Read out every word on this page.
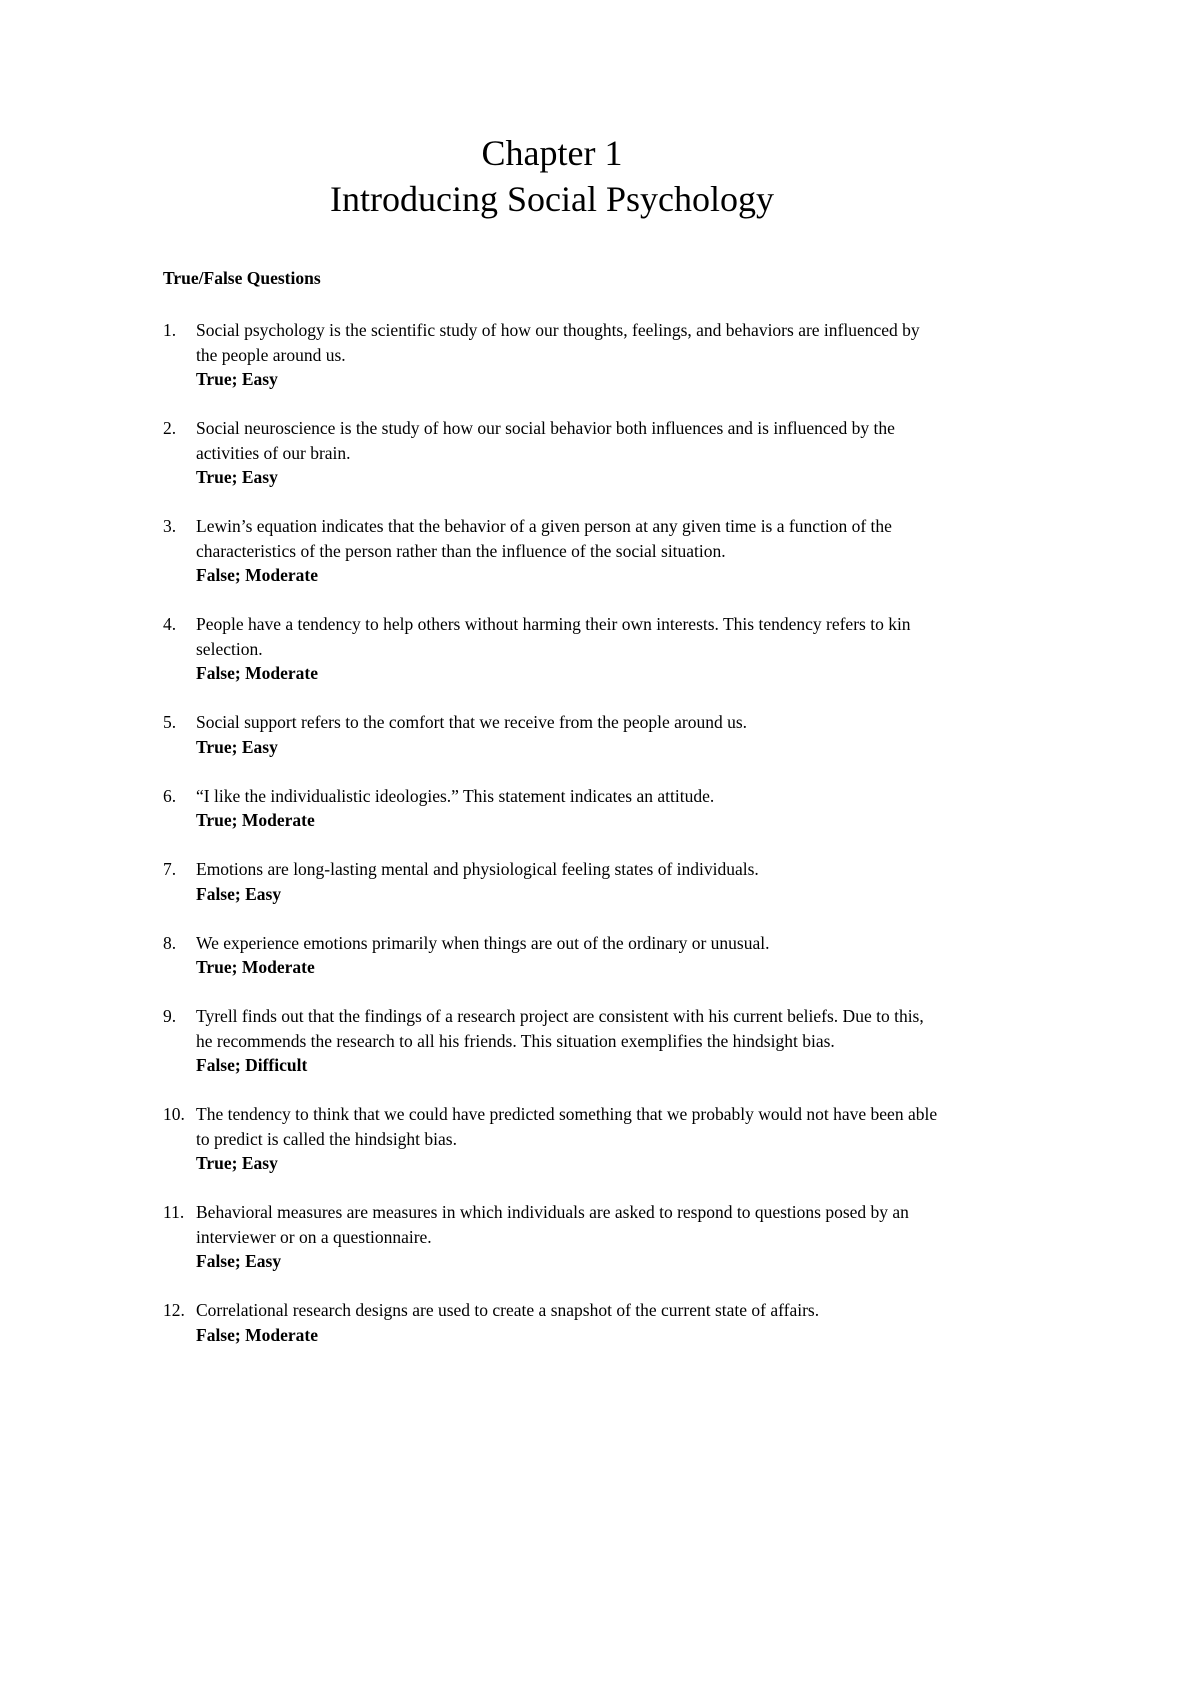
Chapter 1
Introducing Social Psychology
True/False Questions
1.	Social psychology is the scientific study of how our thoughts, feelings, and behaviors are influenced by the people around us.
True; Easy
2.	Social neuroscience is the study of how our social behavior both influences and is influenced by the activities of our brain.
True; Easy
3.	Lewin’s equation indicates that the behavior of a given person at any given time is a function of the characteristics of the person rather than the influence of the social situation.
False; Moderate
4.	People have a tendency to help others without harming their own interests. This tendency refers to kin selection.
False; Moderate
5.	Social support refers to the comfort that we receive from the people around us.
True; Easy
6.	“I like the individualistic ideologies.” This statement indicates an attitude.
True; Moderate
7.	Emotions are long-lasting mental and physiological feeling states of individuals.
False; Easy
8.	We experience emotions primarily when things are out of the ordinary or unusual.
True; Moderate
9.	Tyrell finds out that the findings of a research project are consistent with his current beliefs. Due to this, he recommends the research to all his friends. This situation exemplifies the hindsight bias.
False; Difficult
10. The tendency to think that we could have predicted something that we probably would not have been able to predict is called the hindsight bias.
True; Easy
11. Behavioral measures are measures in which individuals are asked to respond to questions posed by an interviewer or on a questionnaire.
False; Easy
12. Correlational research designs are used to create a snapshot of the current state of affairs.
False; Moderate
